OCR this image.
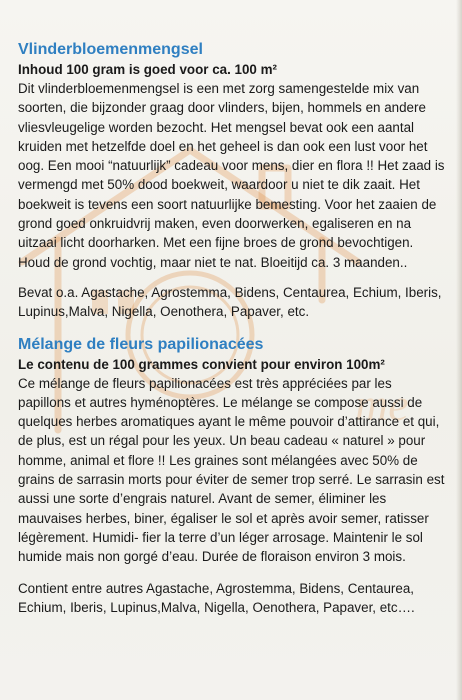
me
Vlinderbloemenmengsel

Inhoud 100 gram is goed voor ca. 100 m²

Dit vlinderbloemenmengsel is een met zorg samengestelde mix van soorten, die bijzonder graag door vlinders, bijen, hommels en andere vliesvleugelige worden bezocht. Het mengsel bevat ook een aantal kruiden met hetzelfde doel en het geheel is dan ook een lust voor het oog. Een mooi “natuurlijk” cadeau voor mens, dier en flora !! Het zaad is vermengd met 50% dood boekweit, waardoor u niet te dik zaait. Het boekweit is tevens een soort natuurlijke bemesting. Voor het zaaien de grond goed onkruidvrij maken, even doorwerken, egaliseren en na uitzaai licht doorharken. Met een fijne broes de grond bevochtigen. Houd de grond vochtig, maar niet te nat. Bloeitijd ca. 3 maanden..

Bevat o.a. Agastache, Agrostemma, Bidens, Centaurea, Echium, Iberis, Lupinus,Malva, Nigella, Oenothera, Papaver, etc.

Mélange de fleurs papilionacées

Le contenu de 100 grammes convient pour environ 100m²

Ce mélange de fleurs papilionacées est très appréciées par les papillons et autres hyménoptères. Le mélange se compose aussi de quelques herbes aromatiques ayant le même pouvoir d’attirance et qui, de plus, est un régal pour les yeux. Un beau cadeau « naturel » pour homme, animal et flore !! Les graines sont mélangées avec 50% de grains de sarrasin morts pour éviter de semer trop serré. Le sarrasin est aussi une sorte d’engrais naturel. Avant de semer, éliminer les mauvaises herbes, biner, égaliser le sol et après avoir semer, ratisser légèrement. Humidi- fier la terre d’un léger arrosage. Maintenir le sol humide mais non gorgé d’eau. Durée de floraison environ 3 mois.

Contient entre autres Agastache, Agrostemma, Bidens, Centaurea, Echium, Iberis, Lupinus,Malva, Nigella, Oenothera, Papaver, etc….
